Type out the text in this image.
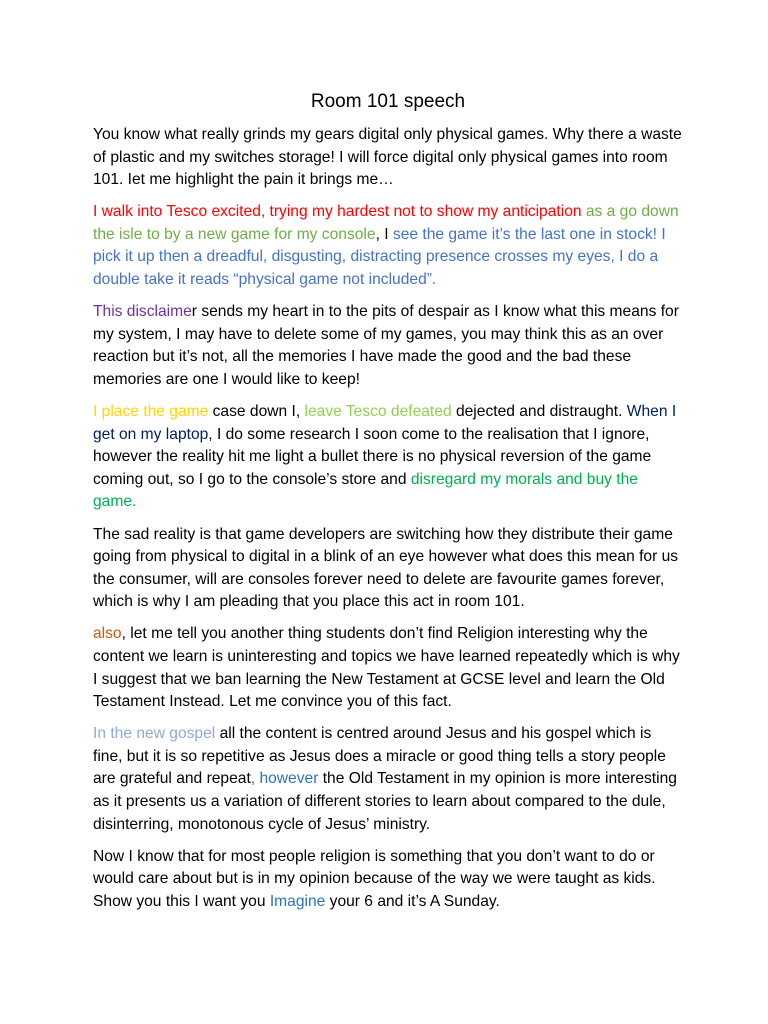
Room 101 speech

You know what really grinds my gears digital only physical games. Why there a waste of plastic and my switches storage! I will force digital only physical games into room 101. Iet me highlight the pain it brings me…

I walk into Tesco excited, trying my hardest not to show my anticipation as a go down the isle to by a new game for my console, I see the game it’s the last one in stock! I pick it up then a dreadful, disgusting, distracting presence crosses my eyes, I do a double take it reads “physical game not included”.

This disclaimer sends my heart in to the pits of despair as I know what this means for my system, I may have to delete some of my games, you may think this as an over reaction but it’s not, all the memories I have made the good and the bad these memories are one I would like to keep!

I place the game case down I, leave Tesco defeated dejected and distraught. When I get on my laptop, I do some research I soon come to the realisation that I ignore, however the reality hit me light a bullet there is no physical reversion of the game coming out, so I go to the console’s store and disregard my morals and buy the game.

The sad reality is that game developers are switching how they distribute their game going from physical to digital in a blink of an eye however what does this mean for us the consumer, will are consoles forever need to delete are favourite games forever, which is why I am pleading that you place this act in room 101.

also, let me tell you another thing students don’t find Religion interesting why the content we learn is uninteresting and topics we have learned repeatedly which is why I suggest that we ban learning the New Testament at GCSE level and learn the Old Testament Instead. Let me convince you of this fact.

In the new gospel all the content is centred around Jesus and his gospel which is fine, but it is so repetitive as Jesus does a miracle or good thing tells a story people are grateful and repeat, however the Old Testament in my opinion is more interesting as it presents us a variation of different stories to learn about compared to the dule, disinterring, monotonous cycle of Jesus’ ministry.

Now I know that for most people religion is something that you don’t want to do or would care about but is in my opinion because of the way we were taught as kids. Show you this I want you Imagine your 6 and it’s A Sunday.
